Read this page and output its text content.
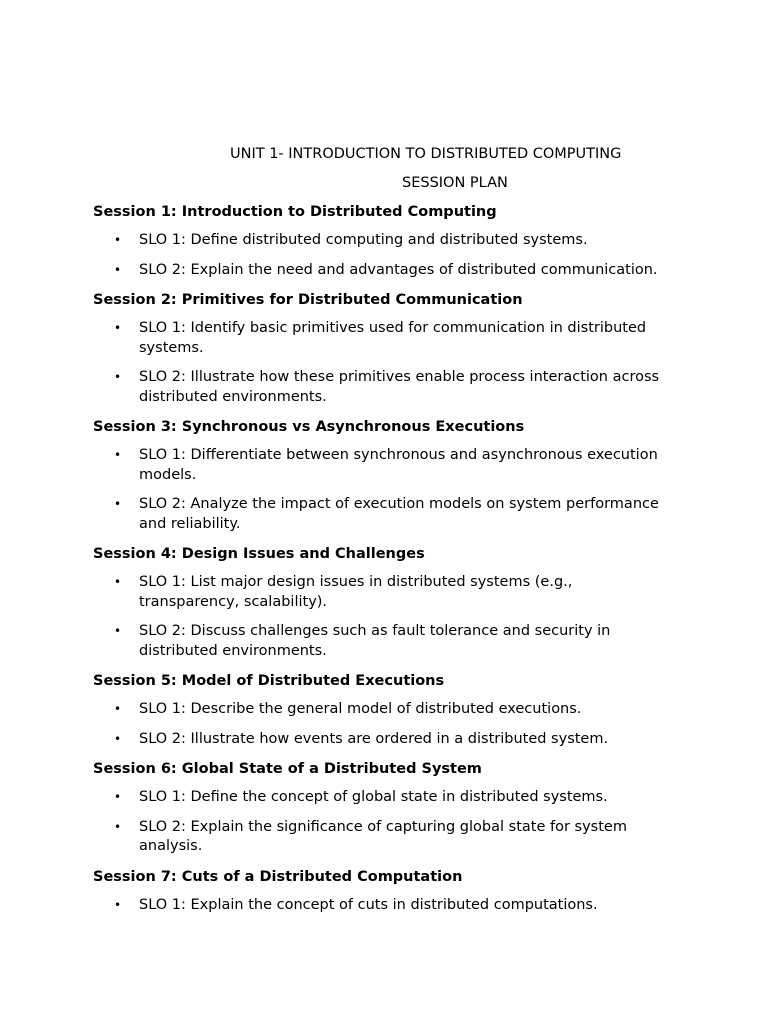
UNIT 1- INTRODUCTION TO DISTRIBUTED COMPUTING
SESSION PLAN
Session 1: Introduction to Distributed Computing
• SLO 1: Define distributed computing and distributed systems.
• SLO 2: Explain the need and advantages of distributed communication.
Session 2: Primitives for Distributed Communication
• SLO 1: Identify basic primitives used for communication in distributed systems.
• SLO 2: Illustrate how these primitives enable process interaction across distributed environments.
Session 3: Synchronous vs Asynchronous Executions
• SLO 1: Differentiate between synchronous and asynchronous execution models.
• SLO 2: Analyze the impact of execution models on system performance and reliability.
Session 4: Design Issues and Challenges
• SLO 1: List major design issues in distributed systems (e.g., transparency, scalability).
• SLO 2: Discuss challenges such as fault tolerance and security in distributed environments.
Session 5: Model of Distributed Executions
• SLO 1: Describe the general model of distributed executions.
• SLO 2: Illustrate how events are ordered in a distributed system.
Session 6: Global State of a Distributed System
• SLO 1: Define the concept of global state in distributed systems.
• SLO 2: Explain the significance of capturing global state for system analysis.
Session 7: Cuts of a Distributed Computation
• SLO 1: Explain the concept of cuts in distributed computations.
